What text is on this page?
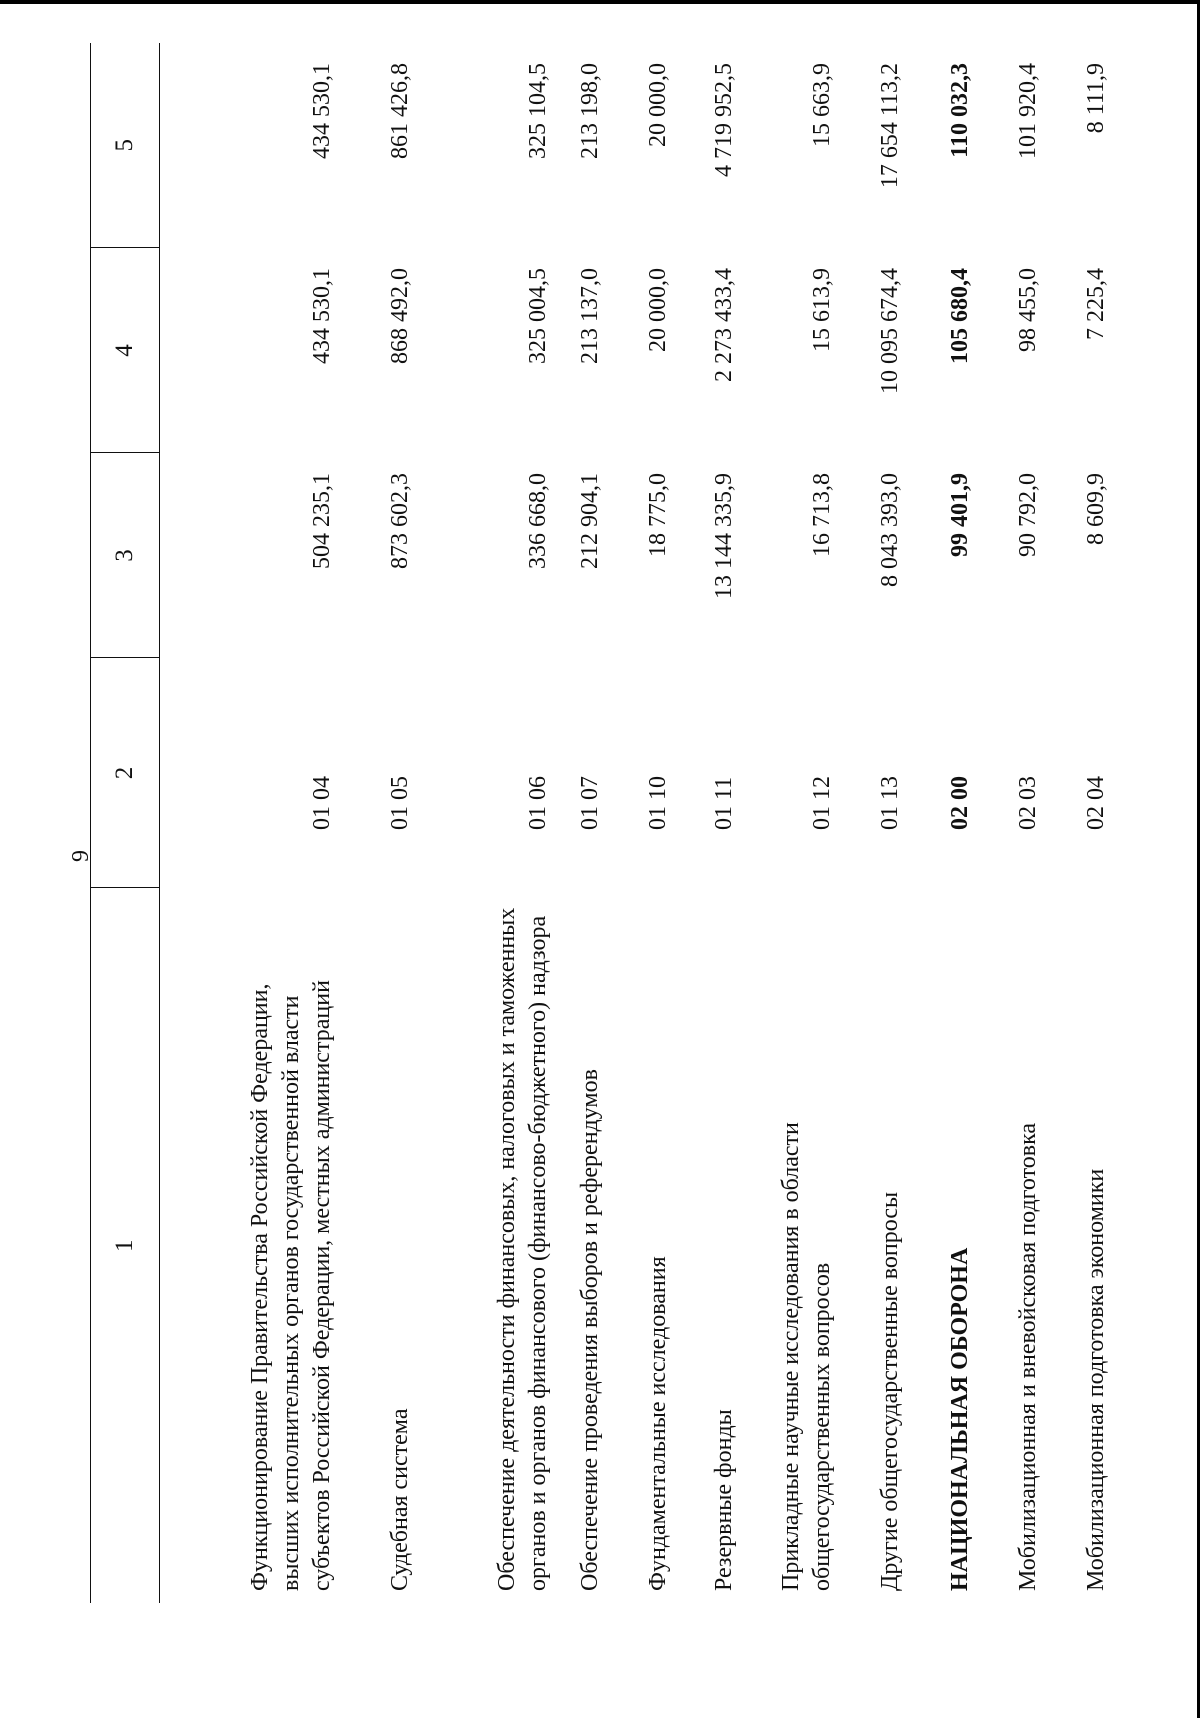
9
1	2	3	4	5
Функционирование Правительства Российской Федерации, высших исполнительных органов государственной власти субъектов Российской Федерации, местных администраций	01 04	504 235,1	434 530,1	434 530,1
Судебная система	01 05	873 602,3	868 492,0	861 426,8
Обеспечение деятельности финансовых, налоговых и таможенных органов и органов финансового (финансово-бюджетного) надзора	01 06	336 668,0	325 004,5	325 104,5
Обеспечение проведения выборов и референдумов	01 07	212 904,1	213 137,0	213 198,0
Фундаментальные исследования	01 10	18 775,0	20 000,0	20 000,0
Резервные фонды	01 11	13 144 335,9	2 273 433,4	4 719 952,5
Прикладные научные исследования в области общегосударственных вопросов	01 12	16 713,8	15 613,9	15 663,9
Другие общегосударственные вопросы	01 13	8 043 393,0	10 095 674,4	17 654 113,2
НАЦИОНАЛЬНАЯ ОБОРОНА	02 00	99 401,9	105 680,4	110 032,3
Мобилизационная и вневойсковая подготовка	02 03	90 792,0	98 455,0	101 920,4
Мобилизационная подготовка экономики	02 04	8 609,9	7 225,4	8 111,9
